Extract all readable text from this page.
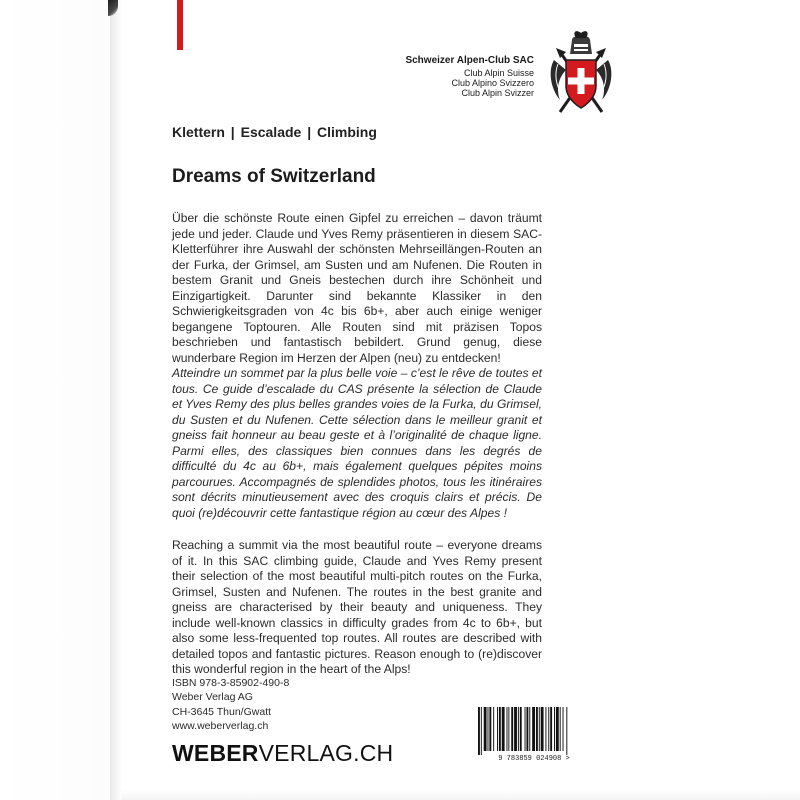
Schweizer Alpen-Club SAC
Club Alpin Suisse
Club Alpino Svizzero
Club Alpin Svizzer
Klettern | Escalade | Climbing
Dreams of Switzerland

Über die schönste Route einen Gipfel zu erreichen – davon träumt jede und jeder. Claude und Yves Remy präsentieren in diesem SAC-Kletterführer ihre Auswahl der schönsten Mehrseillängen-Routen an der Furka, der Grimsel, am Susten und am Nufenen. Die Routen in bestem Granit und Gneis bestechen durch ihre Schönheit und Einzigartigkeit. Darunter sind bekannte Klassiker in den Schwierigkeitsgraden von 4c bis 6b+, aber auch einige weniger begangene Toptouren. Alle Routen sind mit präzisen Topos beschrieben und fantastisch bebildert. Grund genug, diese wunderbare Region im Herzen der Alpen (neu) zu entdecken!

Atteindre un sommet par la plus belle voie – c’est le rêve de toutes et tous. Ce guide d’escalade du CAS présente la sélection de Claude et Yves Remy des plus belles grandes voies de la Furka, du Grimsel, du Susten et du Nufenen. Cette sélection dans le meilleur granit et gneiss fait honneur au beau geste et à l’originalité de chaque ligne. Parmi elles, des classiques bien connues dans les degrés de difficulté du 4c au 6b+, mais également quelques pépites moins parcourues. Accompagnés de splendides photos, tous les itinéraires sont décrits minutieusement avec des croquis clairs et précis. De quoi (re)découvrir cette fantastique région au cœur des Alpes !

Reaching a summit via the most beautiful route – everyone dreams of it. In this SAC climbing guide, Claude and Yves Remy present their selection of the most beautiful multi-pitch routes on the Furka, Grimsel, Susten and Nufenen. The routes in the best granite and gneiss are characterised by their beauty and uniqueness. They include well-known classics in difficulty grades from 4c to 6b+, but also some less-frequented top routes. All routes are described with detailed topos and fantastic pictures. Reason enough to (re)discover this wonderful region in the heart of the Alps!

ISBN 978-3-85902-490-8
Weber Verlag AG
CH-3645 Thun/Gwatt
www.weberverlag.ch
WEBERVERLAG.CH	9 783859 024908 >
